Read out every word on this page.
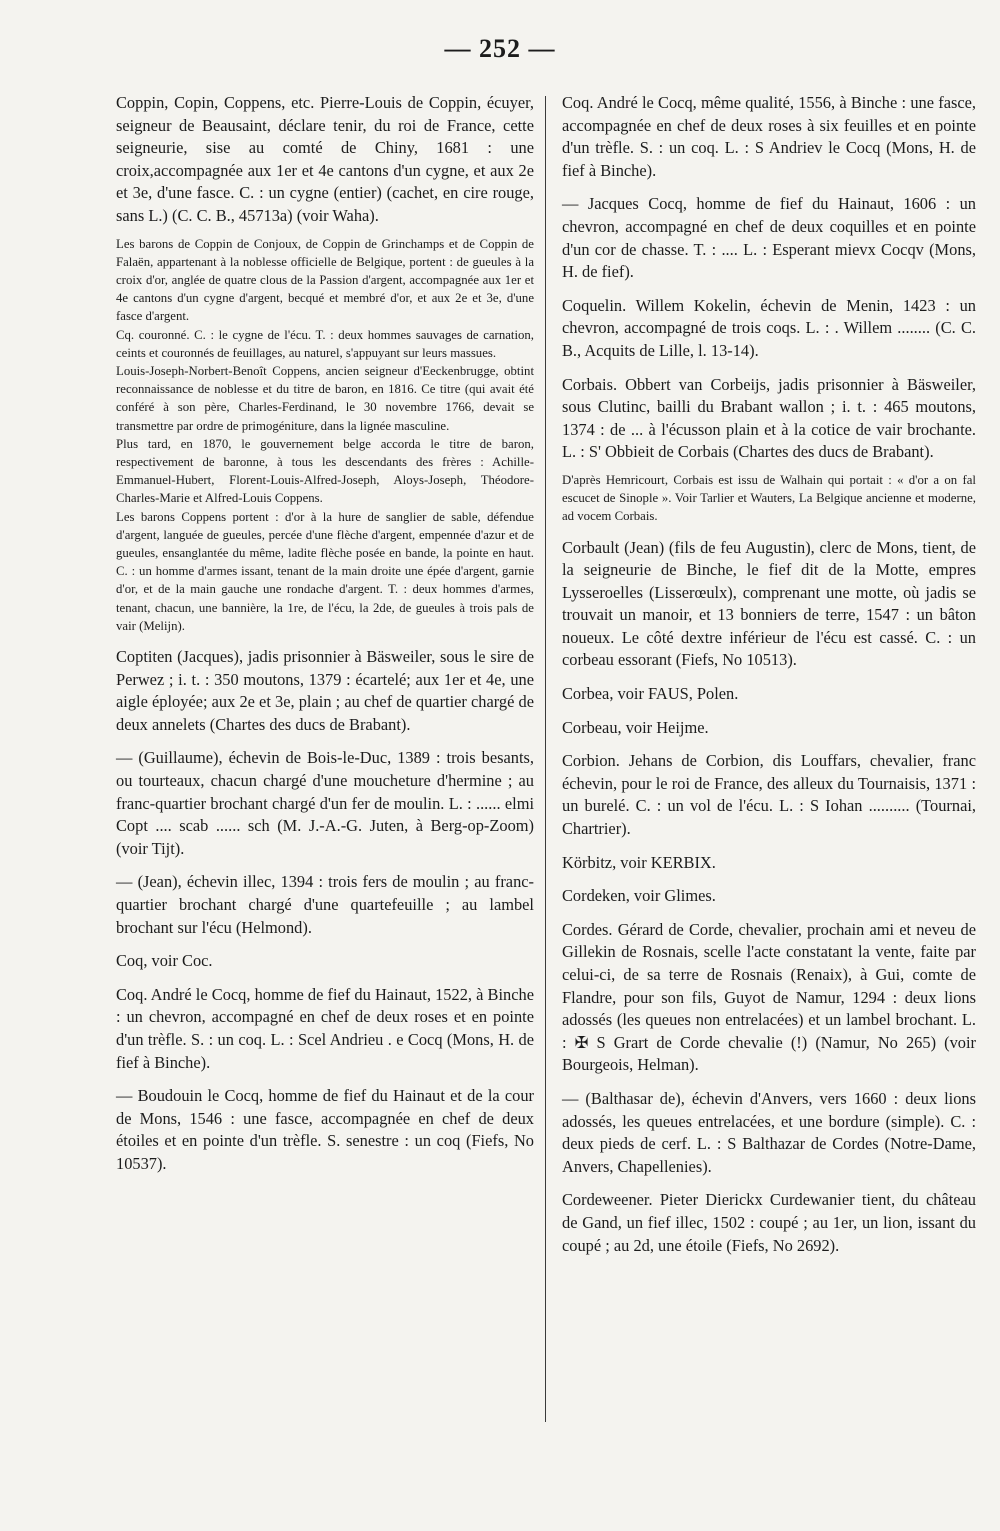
— 252 —

Coppin, Copin, Coppens, etc. Pierre-Louis de Coppin, écuyer, seigneur de Beausaint, déclare tenir, du roi de France, cette seigneurie, sise au comté de Chiny, 1681 : une croix,accompagnée aux 1er et 4e cantons d'un cygne, et aux 2e et 3e, d'une fasce. C. : un cygne (entier) (cachet, en cire rouge, sans L.) (C. C. B., 45713a) (voir Waha).

Les barons de Coppin de Conjoux, de Coppin de Grinchamps et de Coppin de Falaën, appartenant à la noblesse officielle de Belgique, portent : de gueules à la croix d'or, anglée de quatre clous de la Passion d'argent, accompagnée aux 1er et 4e cantons d'un cygne d'argent, becqué et membré d'or, et aux 2e et 3e, d'une fasce d'argent.

Cq. couronné. C. : le cygne de l'écu. T. : deux hommes sauvages de carnation, ceints et couronnés de feuillages, au naturel, s'appuyant sur leurs massues.

Louis-Joseph-Norbert-Benoît Coppens, ancien seigneur d'Eeckenbrugge, obtint reconnaissance de noblesse et du titre de baron, en 1816. Ce titre (qui avait été conféré à son père, Charles-Ferdinand, le 30 novembre 1766, devait se transmettre par ordre de primogéniture, dans la lignée masculine.

Plus tard, en 1870, le gouvernement belge accorda le titre de baron, respectivement de baronne, à tous les descendants des frères : Achille-Emmanuel-Hubert, Florent-Louis-Alfred-Joseph, Aloys-Joseph, Théodore-Charles-Marie et Alfred-Louis Coppens.

Les barons Coppens portent : d'or à la hure de sanglier de sable, défendue d'argent, languée de gueules, percée d'une flèche d'argent, empennée d'azur et de gueules, ensanglantée du même, ladite flèche posée en bande, la pointe en haut. C. : un homme d'armes issant, tenant de la main droite une épée d'argent, garnie d'or, et de la main gauche une rondache d'argent. T. : deux hommes d'armes, tenant, chacun, une bannière, la 1re, de l'écu, la 2de, de gueules à trois pals de vair (Melijn).

Coptiten (Jacques), jadis prisonnier à Bäsweiler, sous le sire de Perwez ; i. t. : 350 moutons, 1379 : écartelé; aux 1er et 4e, une aigle éployée; aux 2e et 3e, plain ; au chef de quartier chargé de deux annelets (Chartes des ducs de Brabant).

— (Guillaume), échevin de Bois-le-Duc, 1389 : trois besants, ou tourteaux, chacun chargé d'une moucheture d'hermine ; au franc-quartier brochant chargé d'un fer de moulin. L. : ...... elmi Copt .... scab ...... sch (M. J.-A.-G. Juten, à Berg-op-Zoom) (voir Tijt).

— (Jean), échevin illec, 1394 : trois fers de moulin ; au franc-quartier brochant chargé d'une quartefeuille ; au lambel brochant sur l'écu (Helmond).

Coq, voir Coc.

Coq. André le Cocq, homme de fief du Hainaut, 1522, à Binche : un chevron, accompagné en chef de deux roses et en pointe d'un trèfle. S. : un coq. L. : Scel Andrieu . e Cocq (Mons, H. de fief à Binche).

— Boudouin le Cocq, homme de fief du Hainaut et de la cour de Mons, 1546 : une fasce, accompagnée en chef de deux étoiles et en pointe d'un trèfle. S. senestre : un coq (Fiefs, No 10537).

Coq. André le Cocq, même qualité, 1556, à Binche : une fasce, accompagnée en chef de deux roses à six feuilles et en pointe d'un trèfle. S. : un coq. L. : S Andriev le Cocq (Mons, H. de fief à Binche).

— Jacques Cocq, homme de fief du Hainaut, 1606 : un chevron, accompagné en chef de deux coquilles et en pointe d'un cor de chasse. T. : .... L. : Esperant mievx Cocqv (Mons, H. de fief).

Coquelin. Willem Kokelin, échevin de Menin, 1423 : un chevron, accompagné de trois coqs. L. : . Willem ........ (C. C. B., Acquits de Lille, l. 13-14).

Corbais. Obbert van Corbeijs, jadis prisonnier à Bäsweiler, sous Clutinc, bailli du Brabant wallon ; i. t. : 465 moutons, 1374 : de ... à l'écusson plain et à la cotice de vair brochante. L. : S' Obbieit de Corbais (Chartes des ducs de Brabant).

D'après Hemricourt, Corbais est issu de Walhain qui portait : « d'or a on fal escucet de Sinople ». Voir Tarlier et Wauters, La Belgique ancienne et moderne, ad vocem Corbais.

Corbault (Jean) (fils de feu Augustin), clerc de Mons, tient, de la seigneurie de Binche, le fief dit de la Motte, empres Lysseroelles (Lisserœulx), comprenant une motte, où jadis se trouvait un manoir, et 13 bonniers de terre, 1547 : un bâton noueux. Le côté dextre inférieur de l'écu est cassé. C. : un corbeau essorant (Fiefs, No 10513).

Corbea, voir FAUS, Polen.

Corbeau, voir Heijme.

Corbion. Jehans de Corbion, dis Louffars, chevalier, franc échevin, pour le roi de France, des alleux du Tournaisis, 1371 : un burelé. C. : un vol de l'écu. L. : S Iohan .......... (Tournai, Chartrier).

Körbitz, voir KERBIX.

Cordeken, voir Glimes.

Cordes. Gérard de Corde, chevalier, prochain ami et neveu de Gillekin de Rosnais, scelle l'acte constatant la vente, faite par celui-ci, de sa terre de Rosnais (Renaix), à Gui, comte de Flandre, pour son fils, Guyot de Namur, 1294 : deux lions adossés (les queues non entrelacées) et un lambel brochant. L. : ✠ S Grart de Corde chevalie (!) (Namur, No 265) (voir Bourgeois, Helman).

— (Balthasar de), échevin d'Anvers, vers 1660 : deux lions adossés, les queues entrelacées, et une bordure (simple). C. : deux pieds de cerf. L. : S Balthazar de Cordes (Notre-Dame, Anvers, Chapellenies).

Cordeweener. Pieter Dierickx Curdewanier tient, du château de Gand, un fief illec, 1502 : coupé ; au 1er, un lion, issant du coupé ; au 2d, une étoile (Fiefs, No 2692).
